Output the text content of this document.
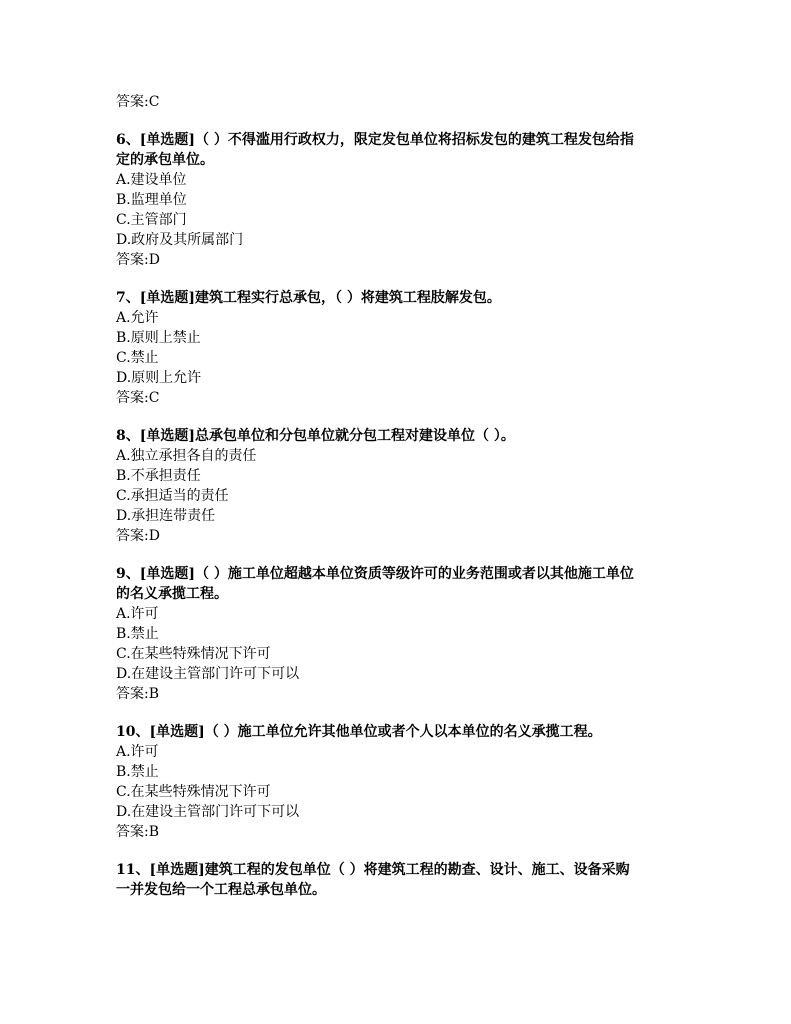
答案:C
6、[单选题]（ ）不得滥用行政权力，限定发包单位将招标发包的建筑工程发包给指
定的承包单位。
A.建设单位
B.监理单位
C.主管部门
D.政府及其所属部门
答案:D
7、[单选题]建筑工程实行总承包，（ ）将建筑工程肢解发包。
A.允许
B.原则上禁止
C.禁止
D.原则上允许
答案:C
8、[单选题]总承包单位和分包单位就分包工程对建设单位（ ）。
A.独立承担各自的责任
B.不承担责任
C.承担适当的责任
D.承担连带责任
答案:D
9、[单选题]（ ）施工单位超越本单位资质等级许可的业务范围或者以其他施工单位
的名义承揽工程。
A.许可
B.禁止
C.在某些特殊情况下许可
D.在建设主管部门许可下可以
答案:B
10、[单选题]（ ）施工单位允许其他单位或者个人以本单位的名义承揽工程。
A.许可
B.禁止
C.在某些特殊情况下许可
D.在建设主管部门许可下可以
答案:B
11、[单选题]建筑工程的发包单位（ ）将建筑工程的勘查、设计、施工、设备采购
一并发包给一个工程总承包单位。
